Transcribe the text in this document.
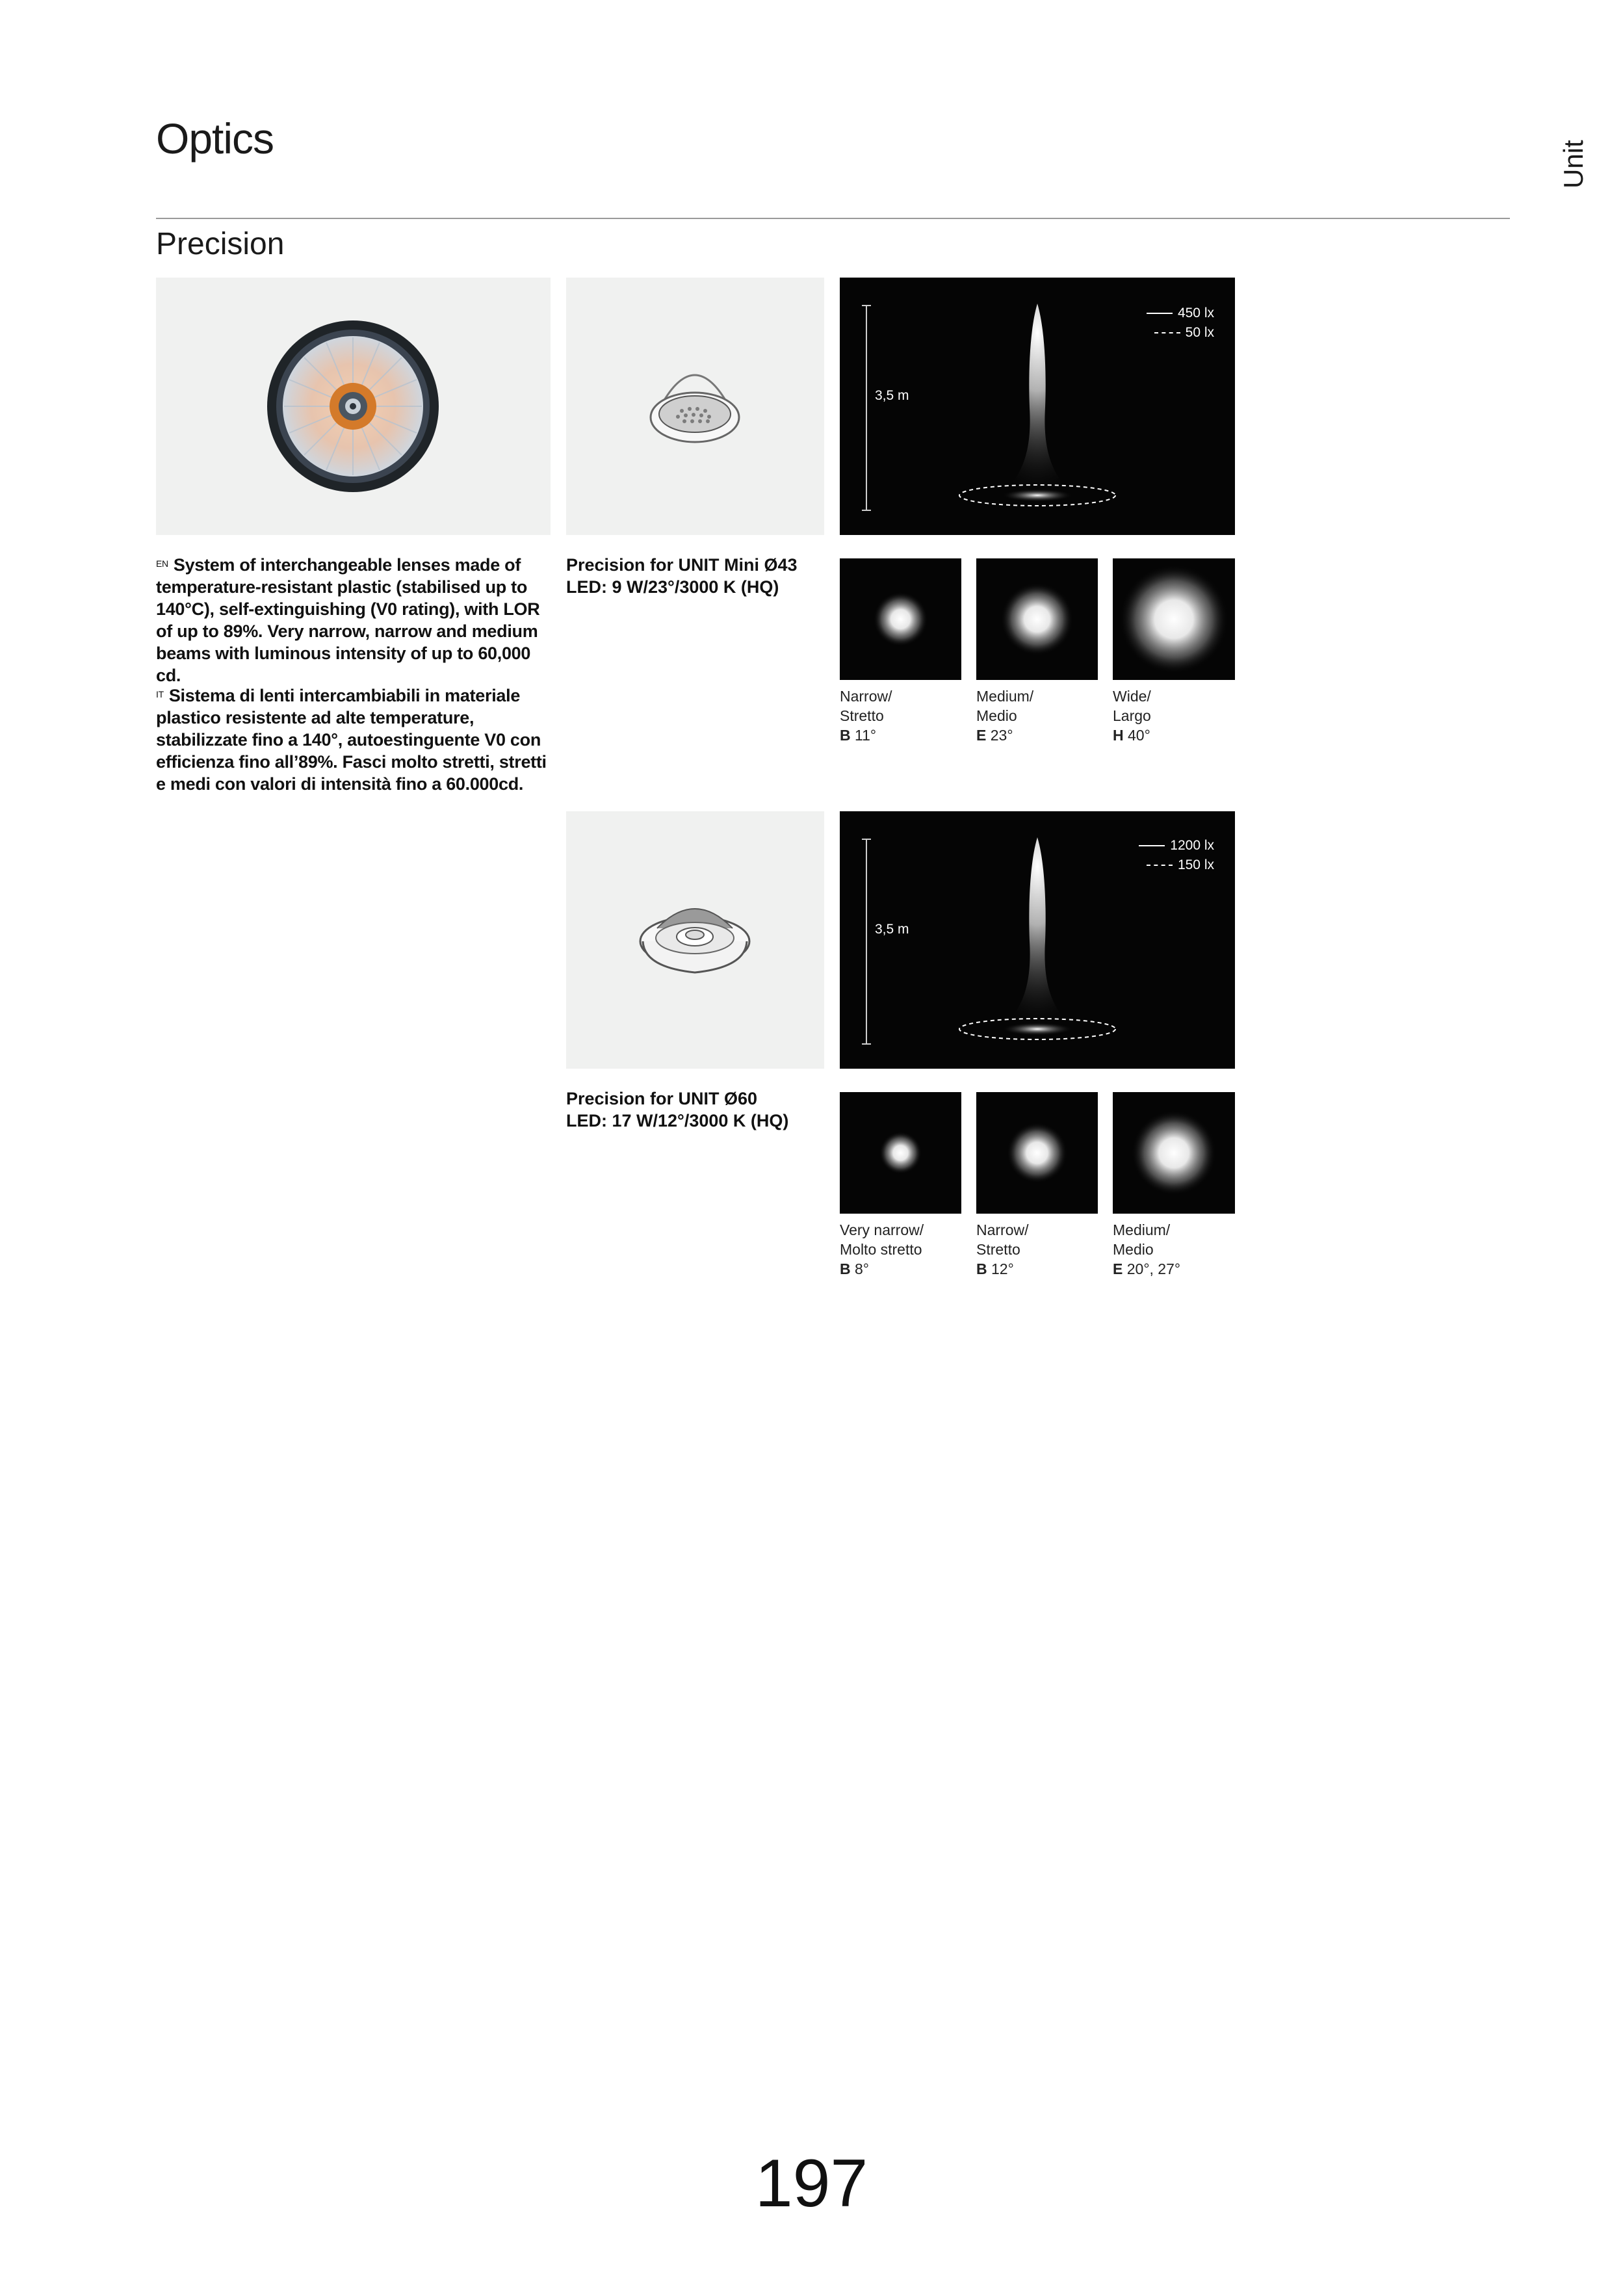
Optics
Unit
Precision
$^{EN}$ System of interchangeable lenses made of temperature-resistant plastic (stabilised up to 140°C), self-extinguishing (V0 rating), with LOR of up to 89%. Very narrow, narrow and medium beams with luminous intensity of up to 60,000 cd.
$^{IT}$ Sistema di lenti intercambiabili in materiale plastico resistente ad alte temperature, stabilizzate fino a 140°, autoestinguente V0 con efficienza fino all’89%. Fasci molto stretti, stretti e medi con valori di intensità fino a 60.000cd.
3,5 m
450 lx
50 lx
Precision for UNIT Mini Ø43
LED: 9 W/23°/3000 K (HQ)
Narrow/
Stretto
B 11°
Medium/
Medio
E 23°
Wide/
Largo
H 40°
3,5 m
1200 lx
150 lx
Precision for UNIT Ø60
LED: 17 W/12°/3000 K (HQ)
Very narrow/
Molto stretto
B 8°
Narrow/
Stretto
B 12°
Medium/
Medio
E 20°, 27°
197
